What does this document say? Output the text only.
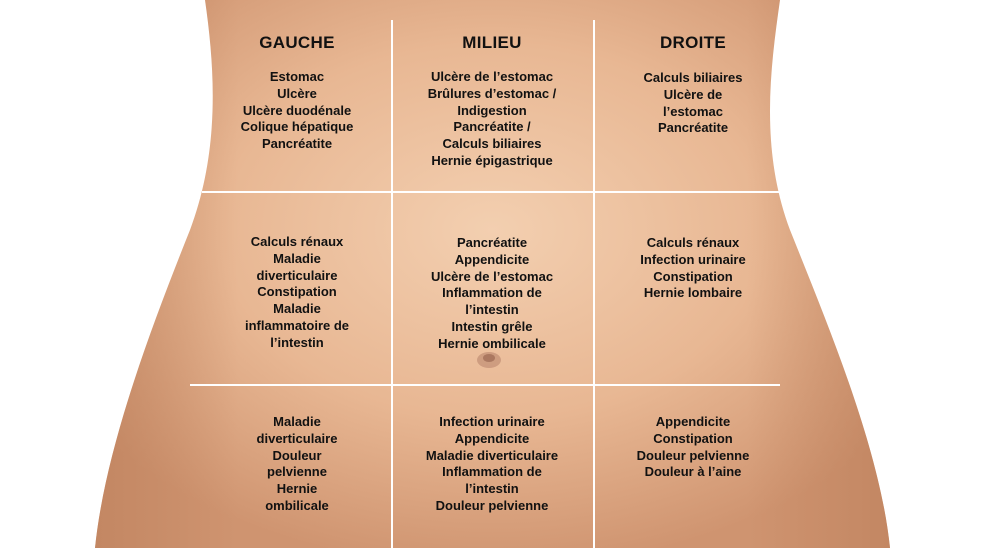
GAUCHE	MILIEU	DROITE
Estomac
Ulcère
Ulcère duodénale
Colique hépatique
Pancréatite
Ulcère de l’estomac
Brûlures d’estomac /
Indigestion
Pancréatite /
Calculs biliaires
Hernie épigastrique
Calculs biliaires
Ulcère de
l’estomac
Pancréatite
Calculs rénaux
Maladie
diverticulaire
Constipation
Maladie
inflammatoire de
l’intestin
Pancréatite
Appendicite
Ulcère de l’estomac
Inflammation de
l’intestin
Intestin grêle
Hernie ombilicale
Calculs rénaux
Infection urinaire
Constipation
Hernie lombaire
Maladie
diverticulaire
Douleur
pelvienne
Hernie
ombilicale
Infection urinaire
Appendicite
Maladie diverticulaire
Inflammation de
l’intestin
Douleur pelvienne
Appendicite
Constipation
Douleur pelvienne
Douleur à l’aine
